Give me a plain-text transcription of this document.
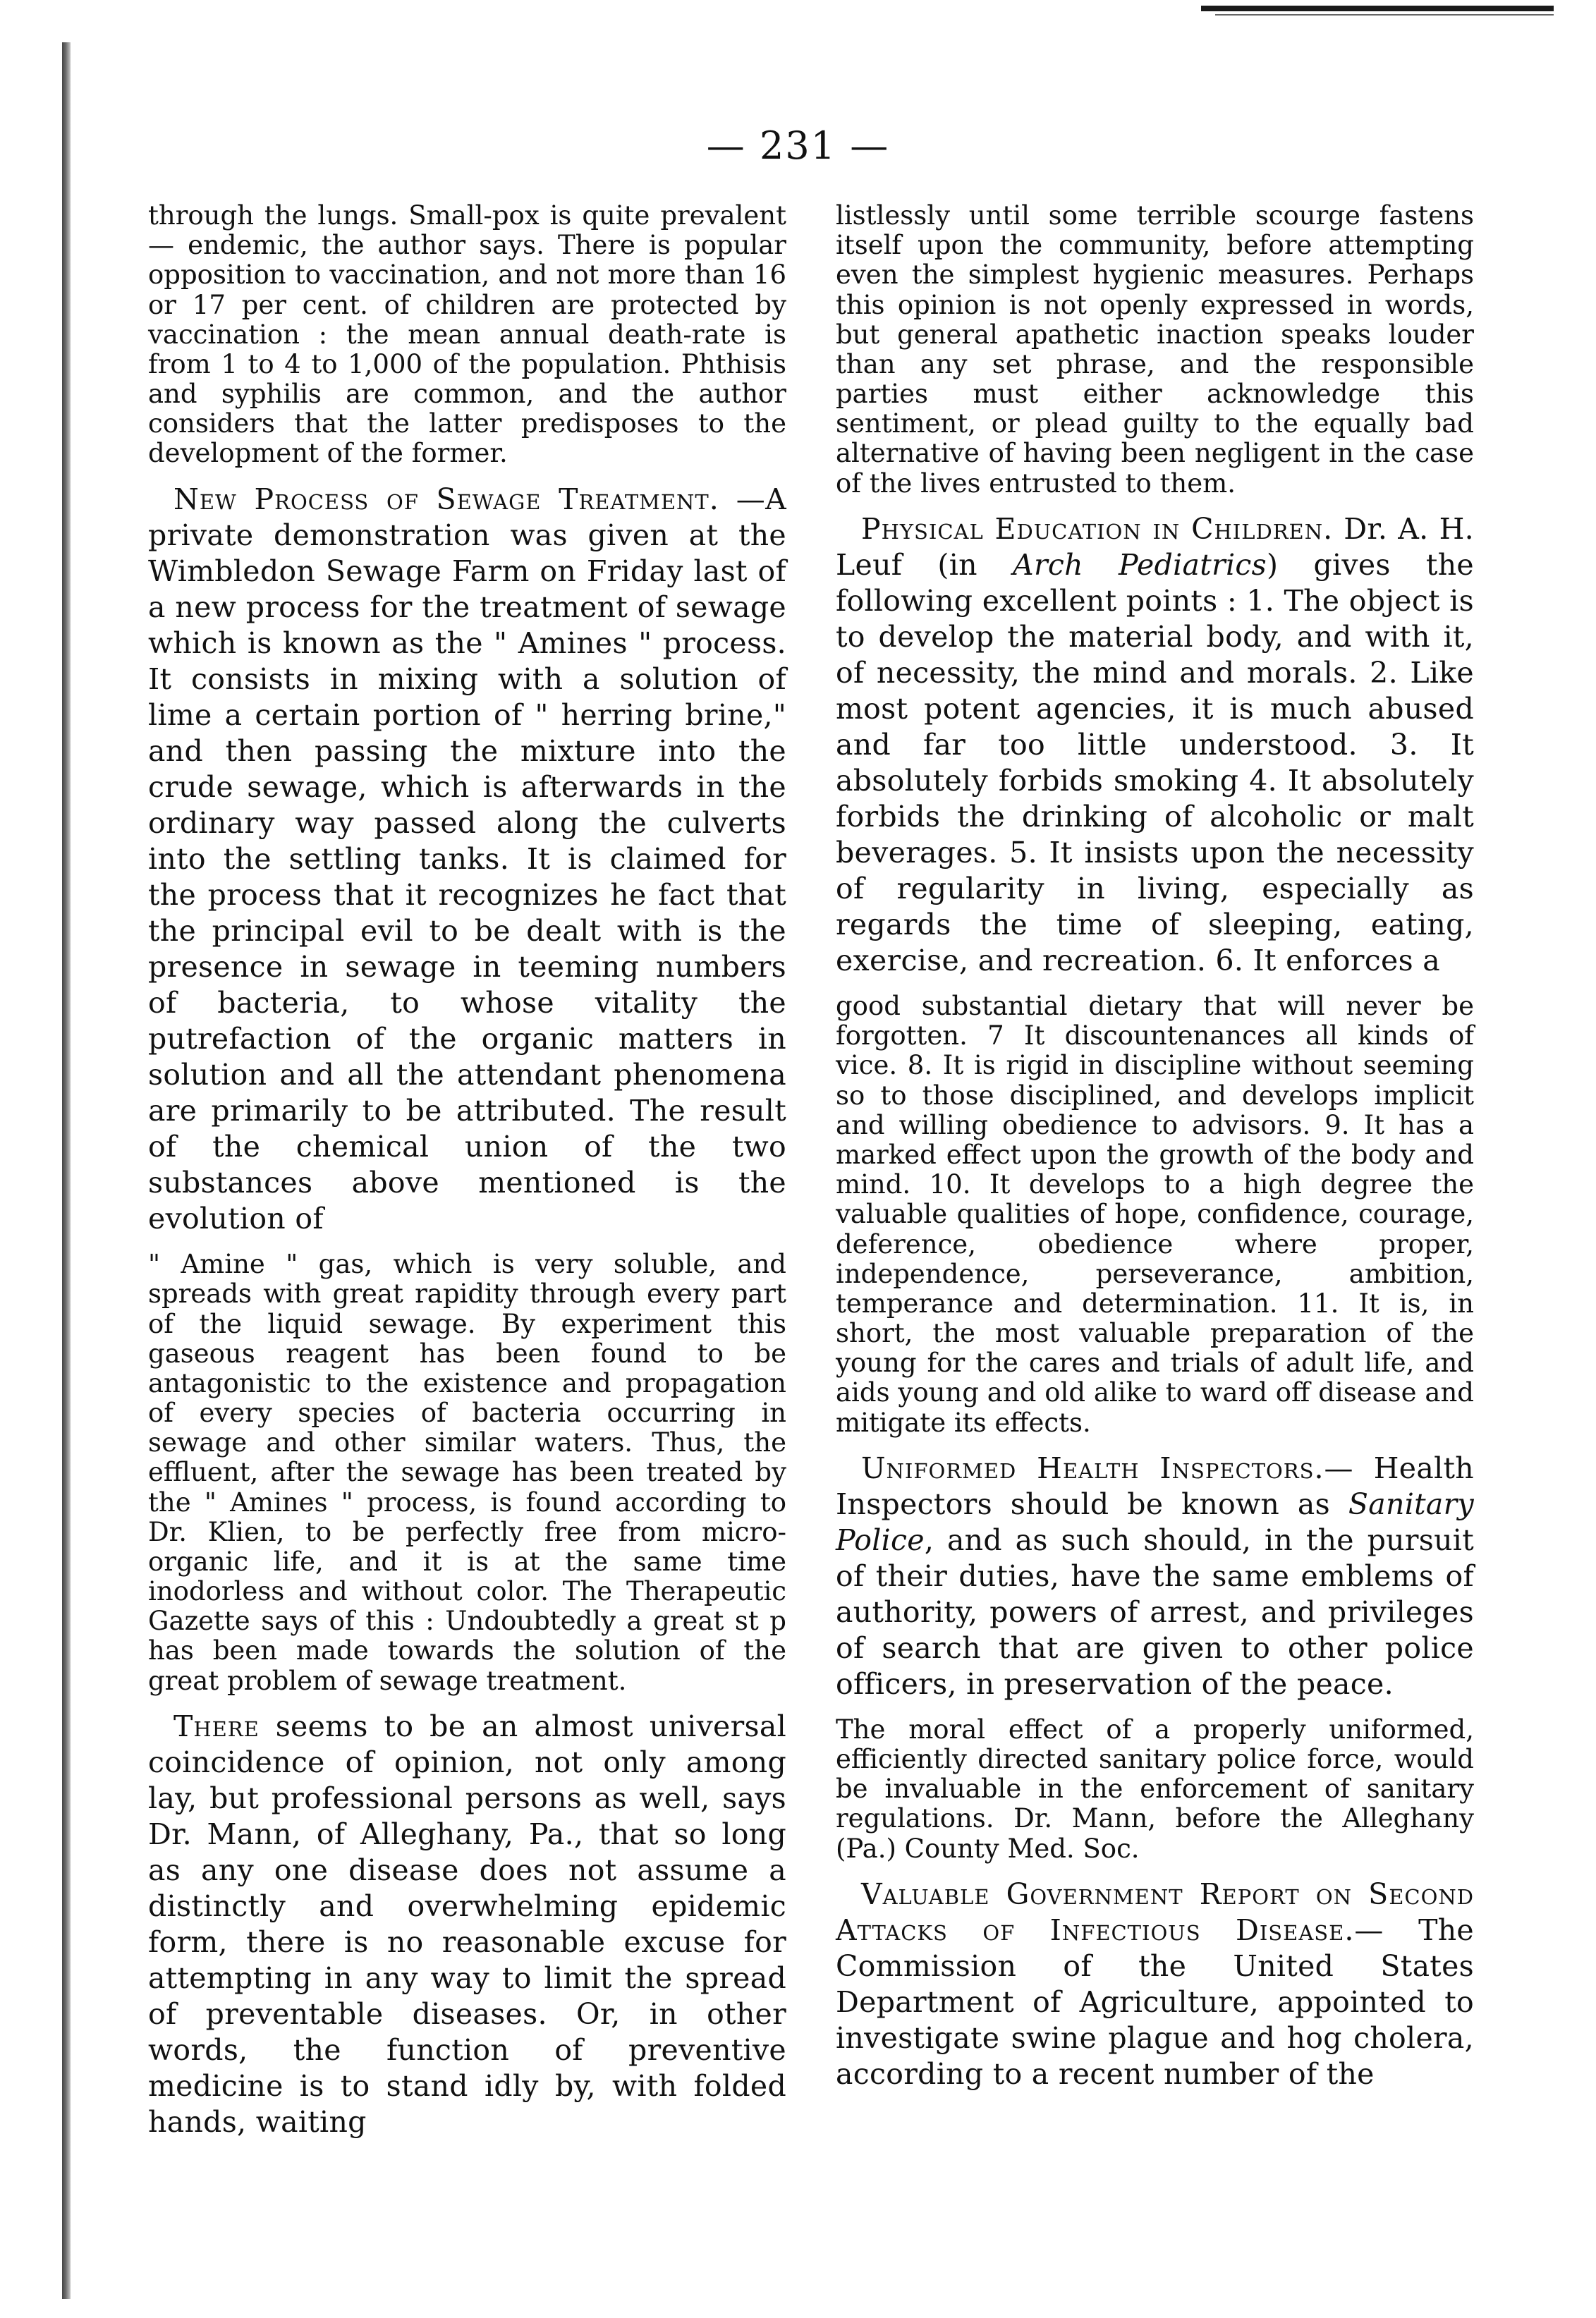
— 231 —

through the lungs. Small-pox is quite prevalent — endemic, the author says. There is popular opposition to vaccination, and not more than 16 or 17 per cent. of children are protected by vaccination : the mean annual death-rate is from 1 to 4 to 1,000 of the population. Phthisis and syphilis are common, and the author considers that the latter predisposes to the development of the former.

New Process of Sewage Treatment. —A private demonstration was given at the Wimbledon Sewage Farm on Friday last of a new process for the treatment of sewage which is known as the " Amines " process. It consists in mixing with a solution of lime a certain portion of " herring brine," and then passing the mixture into the crude sewage, which is afterwards in the ordinary way passed along the culverts into the settling tanks. It is claimed for the process that it recognizes he fact that the principal evil to be dealt with is the presence in sewage in teeming numbers of bacteria, to whose vitality the putrefaction of the organic matters in solution and all the attendant phenomena are primarily to be attributed. The result of the chemical union of the two substances above mentioned is the evolution of

" Amine " gas, which is very soluble, and spreads with great rapidity through every part of the liquid sewage. By experiment this gaseous reagent has been found to be antagonistic to the existence and propagation of every species of bacteria occurring in sewage and other similar waters. Thus, the effluent, after the sewage has been treated by the " Amines " process, is found according to Dr. Klien, to be perfectly free from micro-organic life, and it is at the same time inodorless and without color. The Therapeutic Gazette says of this : Undoubtedly a great st p has been made towards the solution of the great problem of sewage treatment.

There seems to be an almost universal coincidence of opinion, not only among lay, but professional persons as well, says Dr. Mann, of Alleghany, Pa., that so long as any one disease does not assume a distinctly and overwhelming epidemic form, there is no reasonable excuse for attempting in any way to limit the spread of preventable diseases. Or, in other words, the function of preventive medicine is to stand idly by, with folded hands, waiting

listlessly until some terrible scourge fastens itself upon the community, before attempting even the simplest hygienic measures. Perhaps this opinion is not openly expressed in words, but general apathetic inaction speaks louder than any set phrase, and the responsible parties must either acknowledge this sentiment, or plead guilty to the equally bad alternative of having been negligent in the case of the lives entrusted to them.

Physical Education in Children. Dr. A. H. Leuf (in Arch Pediatrics) gives the following excellent points : 1. The object is to develop the material body, and with it, of necessity, the mind and morals. 2. Like most potent agencies, it is much abused and far too little understood. 3. It absolutely forbids smoking 4. It absolutely forbids the drinking of alcoholic or malt beverages. 5. It insists upon the necessity of regularity in living, especially as regards the time of sleeping, eating, exercise, and recreation. 6. It enforces a

good substantial dietary that will never be forgotten. 7 It discountenances all kinds of vice. 8. It is rigid in discipline without seeming so to those disciplined, and develops implicit and willing obedience to advisors. 9. It has a marked effect upon the growth of the body and mind. 10. It develops to a high degree the valuable qualities of hope, confidence, courage, deference, obedience where proper, independence, perseverance, ambition, temperance and determination. 11. It is, in short, the most valuable preparation of the young for the cares and trials of adult life, and aids young and old alike to ward off disease and mitigate its effects.

Uniformed Health Inspectors.— Health Inspectors should be known as Sanitary Police, and as such should, in the pursuit of their duties, have the same emblems of authority, powers of arrest, and privileges of search that are given to other police officers, in preservation of the peace.

The moral effect of a properly uniformed, efficiently directed sanitary police force, would be invaluable in the enforcement of sanitary regulations. Dr. Mann, before the Alleghany (Pa.) County Med. Soc.

Valuable Government Report on Second Attacks of Infectious Disease.— The Commission of the United States Department of Agriculture, appointed to investigate swine plague and hog cholera, according to a recent number of the
